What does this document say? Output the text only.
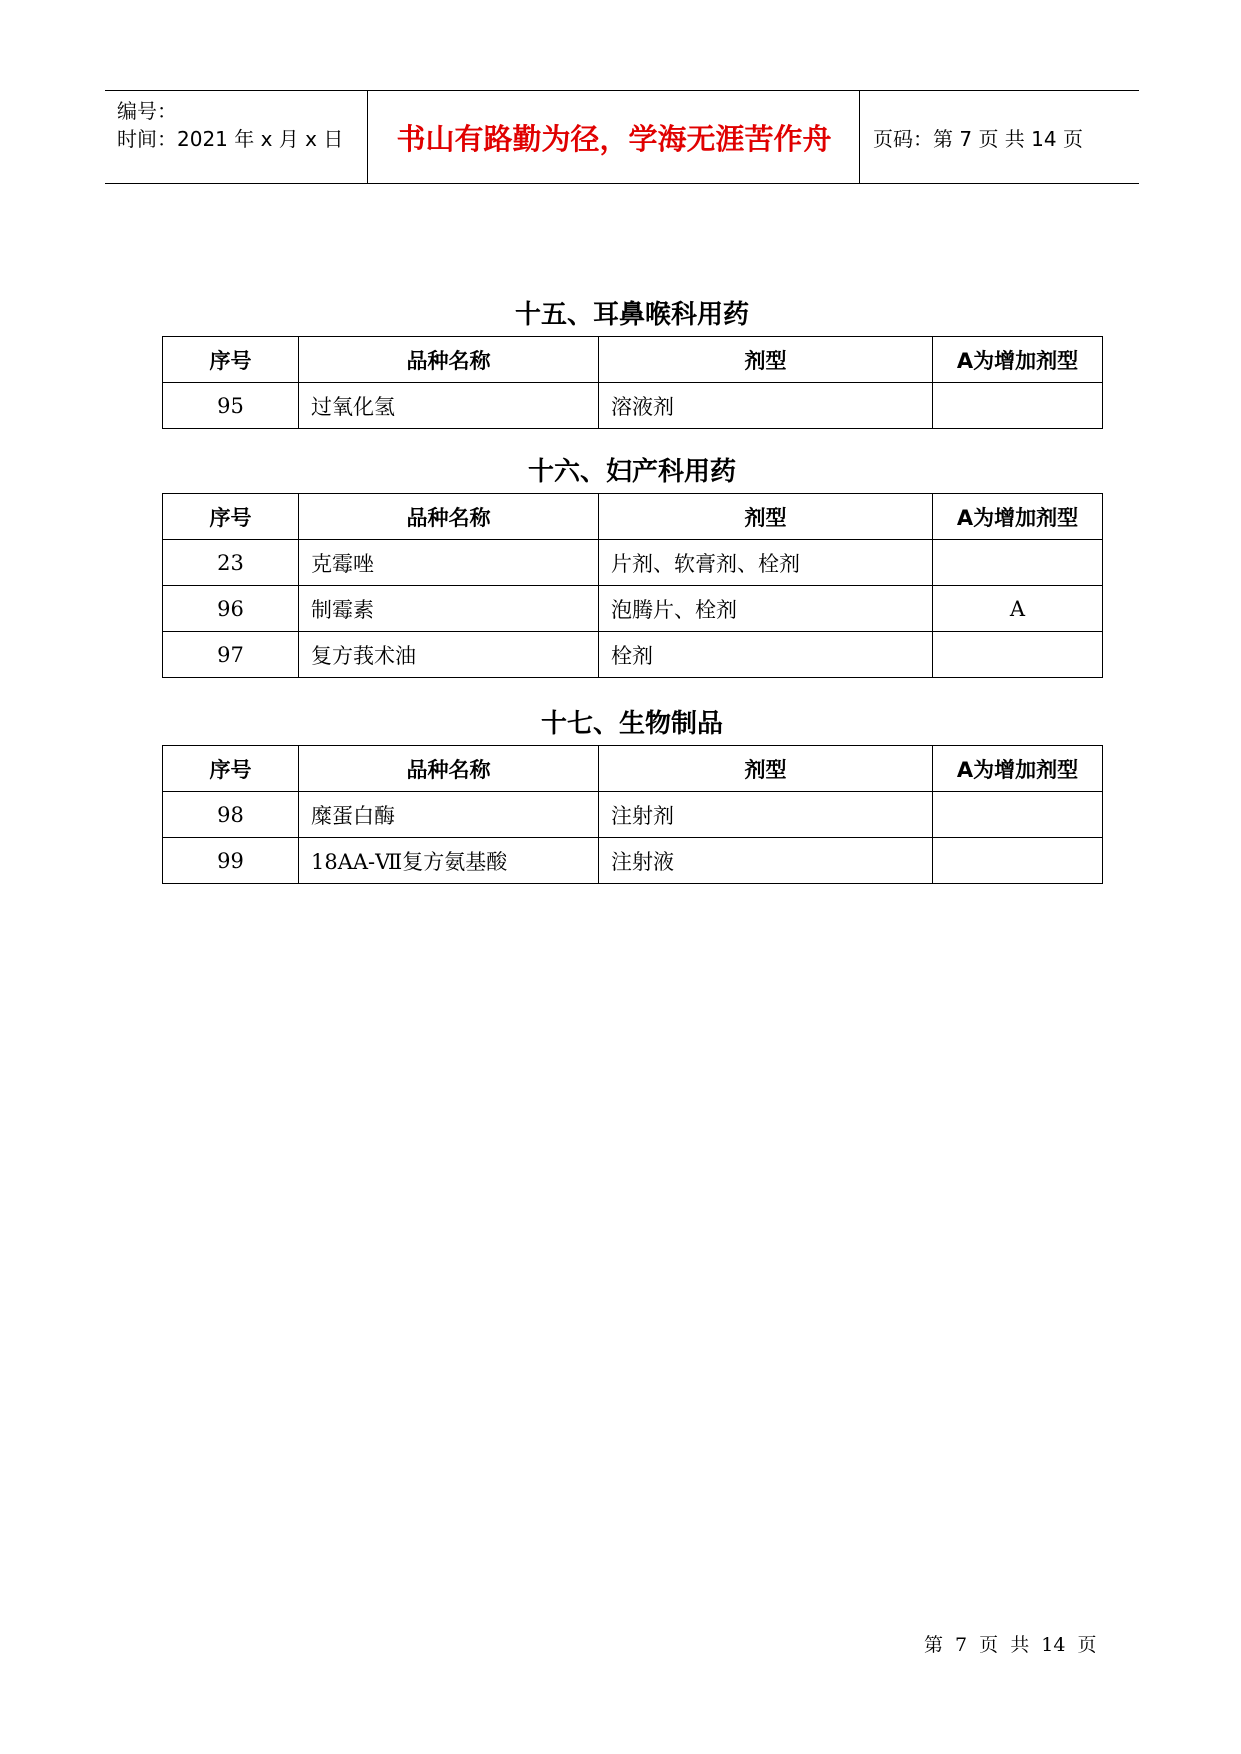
编号：
时间：2021 年 x 月 x 日	书山有路勤为径，学海无涯苦作舟	页码：第 7 页 共 14 页
十五、耳鼻喉科用药
序号	品种名称	剂型	A为增加剂型
95	过氧化氢	溶液剂	
十六、妇产科用药
序号	品种名称	剂型	A为增加剂型
23	克霉唑	片剂、软膏剂、栓剂	
96	制霉素	泡腾片、栓剂	A
97	复方莪术油	栓剂	
十七、生物制品
序号	品种名称	剂型	A为增加剂型
98	糜蛋白酶	注射剂	
99	18AA-Ⅶ复方氨基酸	注射液	
第 7 页 共 14 页
